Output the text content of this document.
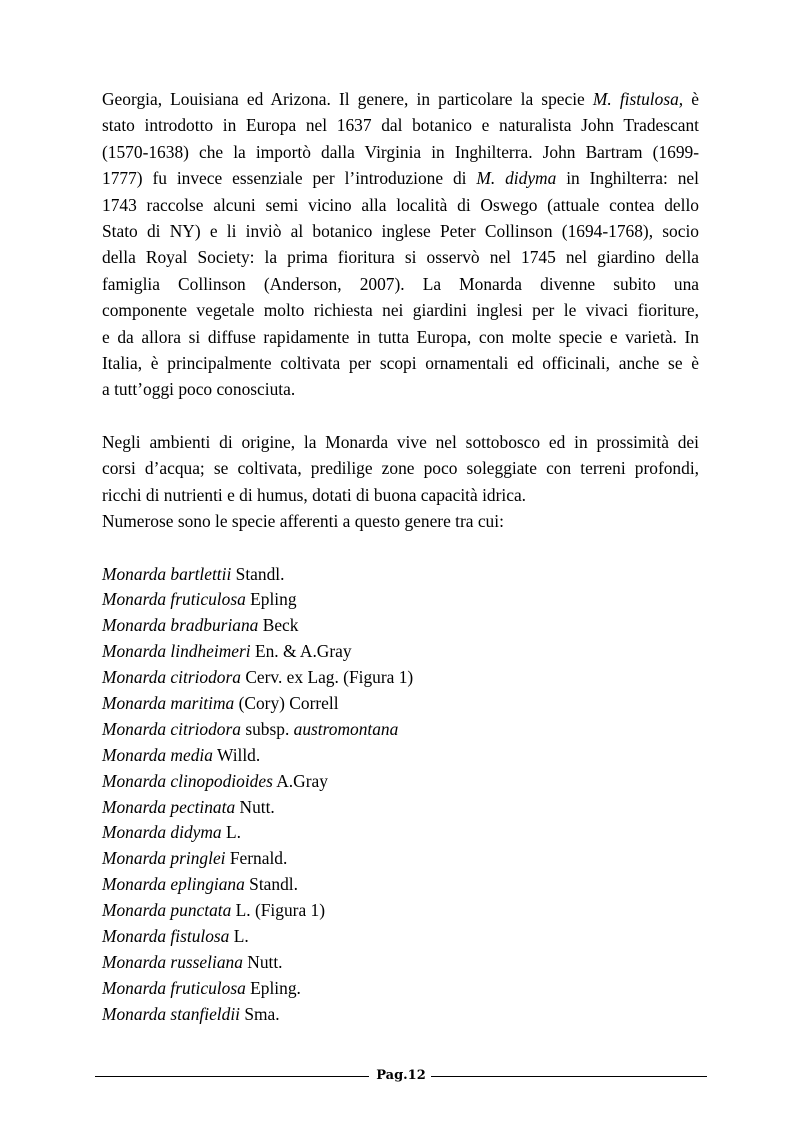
Georgia, Louisiana ed Arizona. Il genere, in particolare la specie M. fistulosa, è
stato introdotto in Europa nel 1637 dal botanico e naturalista John Tradescant
(1570-1638) che la importò dalla Virginia in Inghilterra. John Bartram (1699-
1777) fu invece essenziale per l’introduzione di M. didyma in Inghilterra: nel
1743 raccolse alcuni semi vicino alla località di Oswego (attuale contea dello
Stato di NY) e li inviò al botanico inglese Peter Collinson (1694-1768), socio
della Royal Society: la prima fioritura si osservò nel 1745 nel giardino della
famiglia Collinson (Anderson, 2007). La Monarda divenne subito una
componente vegetale molto richiesta nei giardini inglesi per le vivaci fioriture,
e da allora si diffuse rapidamente in tutta Europa, con molte specie e varietà. In
Italia, è principalmente coltivata per scopi ornamentali ed officinali, anche se è
a tutt’oggi poco conosciuta.

Negli ambienti di origine, la Monarda vive nel sottobosco ed in prossimità dei
corsi d’acqua; se coltivata, predilige zone poco soleggiate con terreni profondi,
ricchi di nutrienti e di humus, dotati di buona capacità idrica.
Numerose sono le specie afferenti a questo genere tra cui:

Monarda bartlettii Standl.
Monarda fruticulosa Epling
Monarda bradburiana Beck
Monarda lindheimeri En. & A.Gray
Monarda citriodora Cerv. ex Lag. (Figura 1)
Monarda maritima (Cory) Correll
Monarda citriodora subsp. austromontana
Monarda media Willd.
Monarda clinopodioides A.Gray
Monarda pectinata Nutt.
Monarda didyma L.
Monarda pringlei Fernald.
Monarda eplingiana Standl.
Monarda punctata L. (Figura 1)
Monarda fistulosa L.
Monarda russeliana Nutt.
Monarda fruticulosa Epling.
Monarda stanfieldii Sma.
Pag.12
